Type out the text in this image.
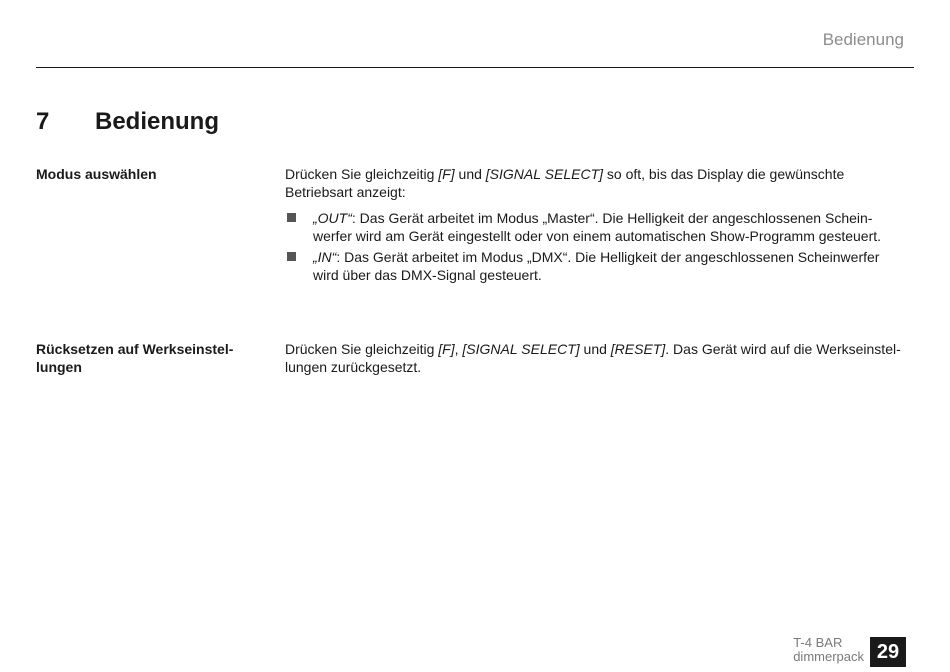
Bedienung
7 Bedienung
Modus auswählen	Drücken Sie gleichzeitig [F] und [SIGNAL SELECT] so oft, bis das Display die gewünschte Betriebsart anzeigt:

„OUT“: Das Gerät arbeitet im Modus „Master“. Die Helligkeit der angeschlossenen Scheinwerfer wird am Gerät eingestellt oder von einem automatischen Show-Programm gesteuert.
„IN“: Das Gerät arbeitet im Modus „DMX“. Die Helligkeit der angeschlossenen Scheinwerfer wird über das DMX-Signal gesteuert.
Rücksetzen auf Werkseinstellungen

Drücken Sie gleichzeitig [F], [SIGNAL SELECT] und [RESET]. Das Gerät wird auf die Werkseinstellungen zurückgesetzt.

T-4 BAR
dimmerpack 29
